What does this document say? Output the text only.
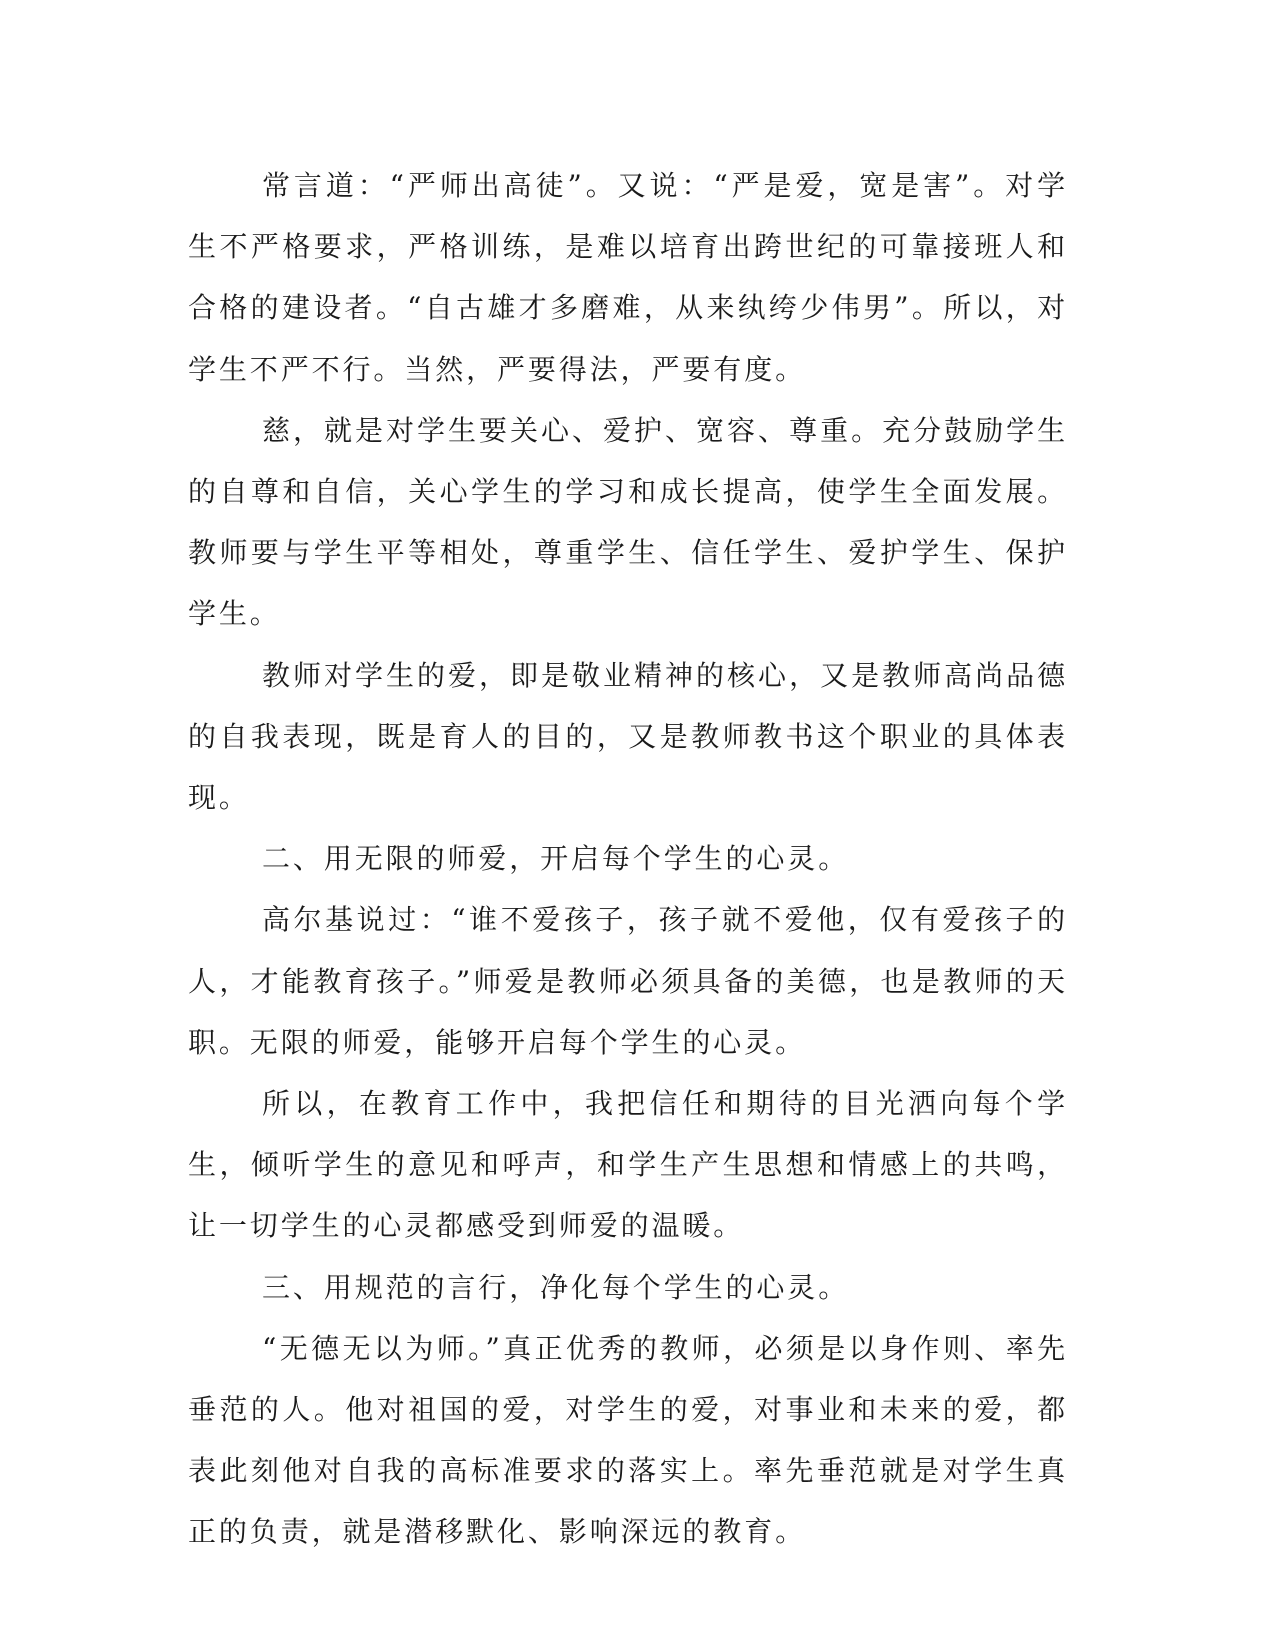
常言道：“严师出高徒”。又说：“严是爱，宽是害”。对学生不严格要求，严格训练，是难以培育出跨世纪的可靠接班人和合格的建设者。“自古雄才多磨难，从来纨绔少伟男”。所以，对学生不严不行。当然，严要得法，严要有度。

慈，就是对学生要关心、爱护、宽容、尊重。充分鼓励学生的自尊和自信，关心学生的学习和成长提高，使学生全面发展。教师要与学生平等相处，尊重学生、信任学生、爱护学生、保护学生。

教师对学生的爱，即是敬业精神的核心，又是教师高尚品德的自我表现，既是育人的目的，又是教师教书这个职业的具体表现。

二、用无限的师爱，开启每个学生的心灵。

高尔基说过：“谁不爱孩子，孩子就不爱他，仅有爱孩子的人，才能教育孩子。”师爱是教师必须具备的美德，也是教师的天职。无限的师爱，能够开启每个学生的心灵。

所以，在教育工作中，我把信任和期待的目光洒向每个学生，倾听学生的意见和呼声，和学生产生思想和情感上的共鸣，让一切学生的心灵都感受到师爱的温暖。

三、用规范的言行，净化每个学生的心灵。

“无德无以为师。”真正优秀的教师，必须是以身作则、率先垂范的人。他对祖国的爱，对学生的爱，对事业和未来的爱，都表此刻他对自我的高标准要求的落实上。率先垂范就是对学生真正的负责，就是潜移默化、影响深远的教育。
